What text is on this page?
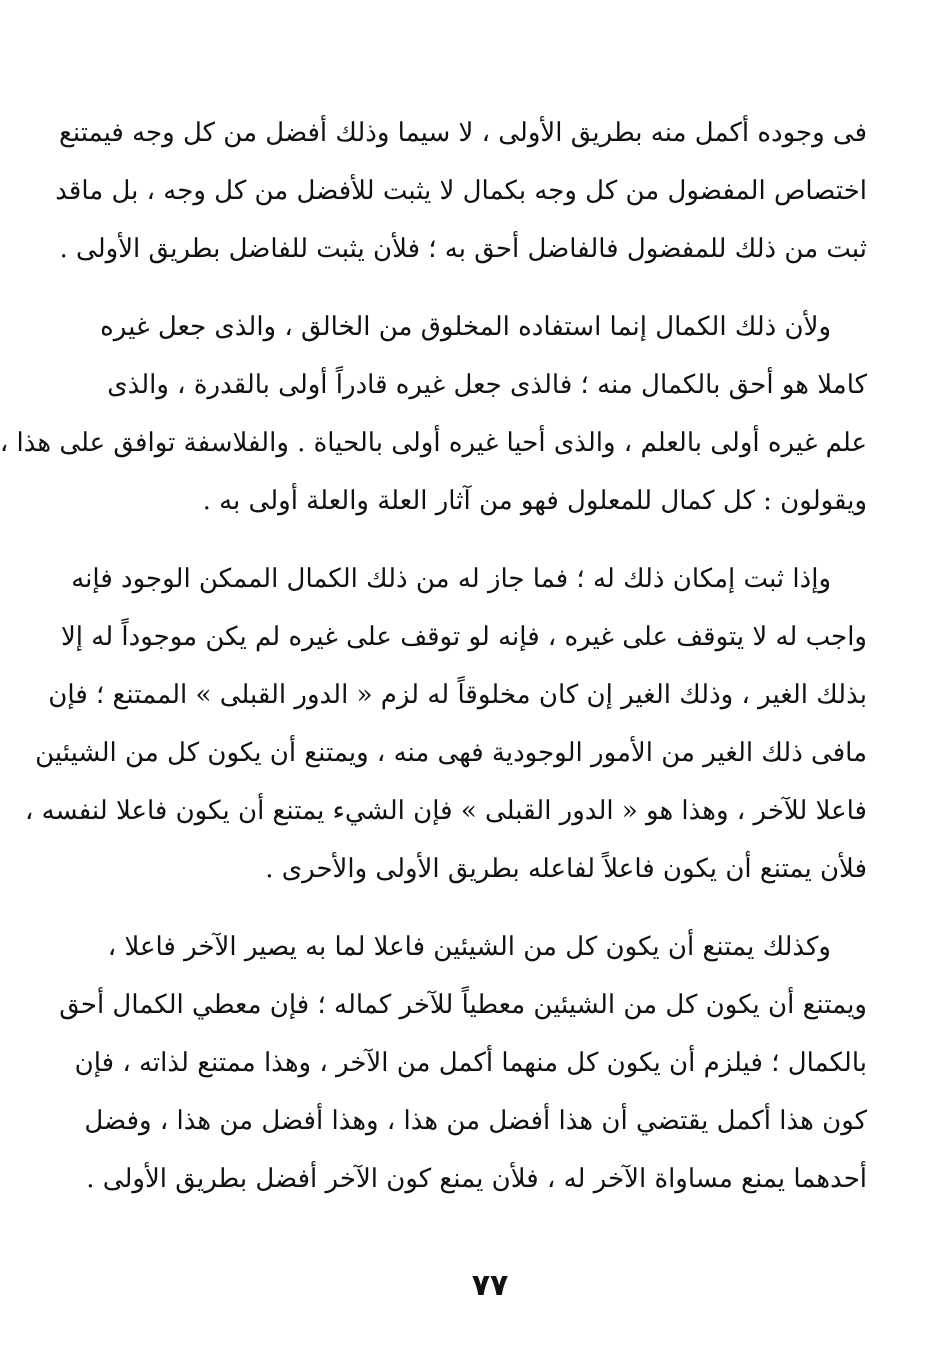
فى وجوده أكمل منه بطريق الأولى ، لا سيما وذلك أفضل من كل وجه فيمتنع
اختصاص المفضول من كل وجه بكمال لا يثبت للأفضل من كل وجه ، بل ماقد
ثبت من ذلك للمفضول فالفاضل أحق به ؛ فلأن يثبت للفاضل بطريق الأولى .

ولأن ذلك الكمال إنما استفاده المخلوق من الخالق ، والذى جعل غيره
كاملا هو أحق بالكمال منه ؛ فالذى جعل غيره قادراً أولى بالقدرة ، والذى
علم غيره أولى بالعلم ، والذى أحيا غيره أولى بالحياة . والفلاسفة توافق على هذا ،
ويقولون : كل كمال للمعلول فهو من آثار العلة والعلة أولى به .

وإذا ثبت إمكان ذلك له ؛ فما جاز له من ذلك الكمال الممكن الوجود فإنه
واجب له لا يتوقف على غيره ، فإنه لو توقف على غيره لم يكن موجوداً له إلا
بذلك الغير ، وذلك الغير إن كان مخلوقاً له لزم « الدور القبلى » الممتنع ؛ فإن
مافى ذلك الغير من الأمور الوجودية فهى منه ، ويمتنع أن يكون كل من الشيئين
فاعلا للآخر ، وهذا هو « الدور القبلى » فإن الشيء يمتنع أن يكون فاعلا لنفسه ،
فلأن يمتنع أن يكون فاعلاً لفاعله بطريق الأولى والأحرى .

وكذلك يمتنع أن يكون كل من الشيئين فاعلا لما به يصير الآخر فاعلا ،
ويمتنع أن يكون كل من الشيئين معطياً للآخر كماله ؛ فإن معطي الكمال أحق
بالكمال ؛ فيلزم أن يكون كل منهما أكمل من الآخر ، وهذا ممتنع لذاته ، فإن
كون هذا أكمل يقتضي أن هذا أفضل من هذا ، وهذا أفضل من هذا ، وفضل
أحدهما يمنع مساواة الآخر له ، فلأن يمنع كون الآخر أفضل بطريق الأولى .

٧٧
